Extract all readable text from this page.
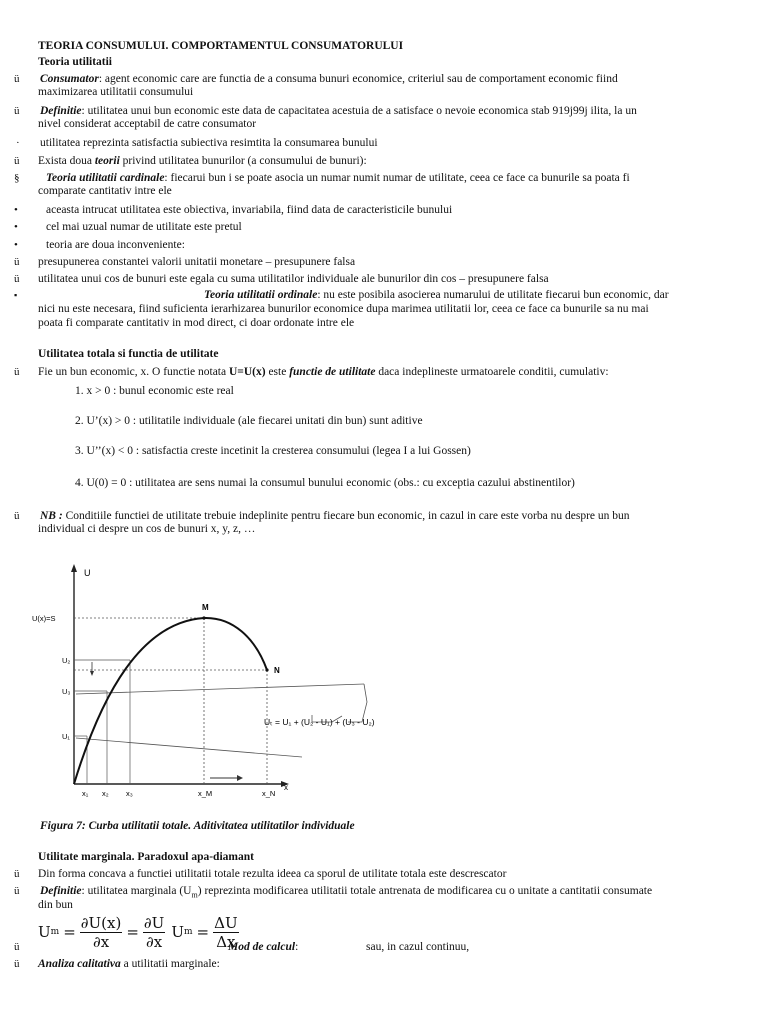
TEORIA CONSUMULUI. COMPORTAMENTUL CONSUMATORULUI
Teoria utilitatii
ü Consumator: agent economic care are functia de a consuma bunuri economice, criteriul sau de comportament economic fiind
maximizarea utilitatii consumului
ü Definitie: utilitatea unui bun economic este data de capacitatea acestuia de a satisface o nevoie economica stab 919j99j ilita, la un
nivel considerat acceptabil de catre consumator
· utilitatea reprezinta satisfactia subiectiva resimtita la consumarea bunului
ü Exista doua teorii privind utilitatea bunurilor (a consumului de bunuri):
§ Teoria utilitatii cardinale: fiecarui bun i se poate asocia un numar numit numar de utilitate, ceea ce face ca bunurile sa poata fi
comparate cantitativ intre ele
• aceasta intrucat utilitatea este obiectiva, invariabila, fiind data de caracteristicile bunului
• cel mai uzual numar de utilitate este pretul
• teoria are doua inconveniente:
ü presupunerea constantei valorii unitatii monetare – presupunere falsa
ü utilitatea unui cos de bunuri este egala cu suma utilitatilor individuale ale bunurilor din cos – presupunere falsa
▪	Teoria utilitatii ordinale: nu este posibila asocierea numarului de utilitate fiecarui bun economic, dar
nici nu este necesara, fiind suficienta ierarhizarea bunurilor economice dupa marimea utilitatii lor, ceea ce face ca bunurile sa nu mai
poata fi comparate cantitativ in mod direct, ci doar ordonate intre ele
Utilitatea totala si functia de utilitate
ü Fie un bun economic, x. O functie notata U=U(x) este functie de utilitate daca indeplineste urmatoarele conditii, cumulativ:
1. x > 0 : bunul economic este real
2. U’(x) > 0 : utilitatile individuale (ale fiecarei unitati din bun) sunt aditive
3. U’’(x) < 0 : satisfactia creste incetinit la cresterea consumului (legea I a lui Gossen)
4. U(0) = 0 : utilitatea are sens numai la consumul bunului economic (obs.: cu exceptia cazului abstinentilor)
ü NB : Conditiile functiei de utilitate trebuie indeplinite pentru fiecare bun economic, in cazul in care este vorba nu despre un bun
individual ci despre un cos de bunuri x, y, z, …
U
x
Uₜ = U₁ + (U₂ - U₁) + (U₃ - U₂)
M
N
U(x)=S
U₂
U₃
U₁
x₁ x₂ x₃	x_M	x_N
Figura 7: Curba utilitatii totale. Aditivitatea utilitatilor individuale
Utilitate marginala. Paradoxul apa-diamant
ü Din forma concava a functiei utilitatii totale rezulta ideea ca sporul de utilitate totala este descrescator
ü Definitie: utilitatea marginala $(U_m)$ reprezinta modificarea utilitatii totale antrenata de modificarea cu o unitate a cantitatii consumate
din bun
U $m = \frac{\partial U(x)}{\partial x} = \frac{\partial U}{\partial x}$ U $m = \frac{\Delta U}{\Delta x}$
ü	Mod de calcul:	sau, in cazul continuu,
ü Analiza calitativa a utilitatii marginale:
